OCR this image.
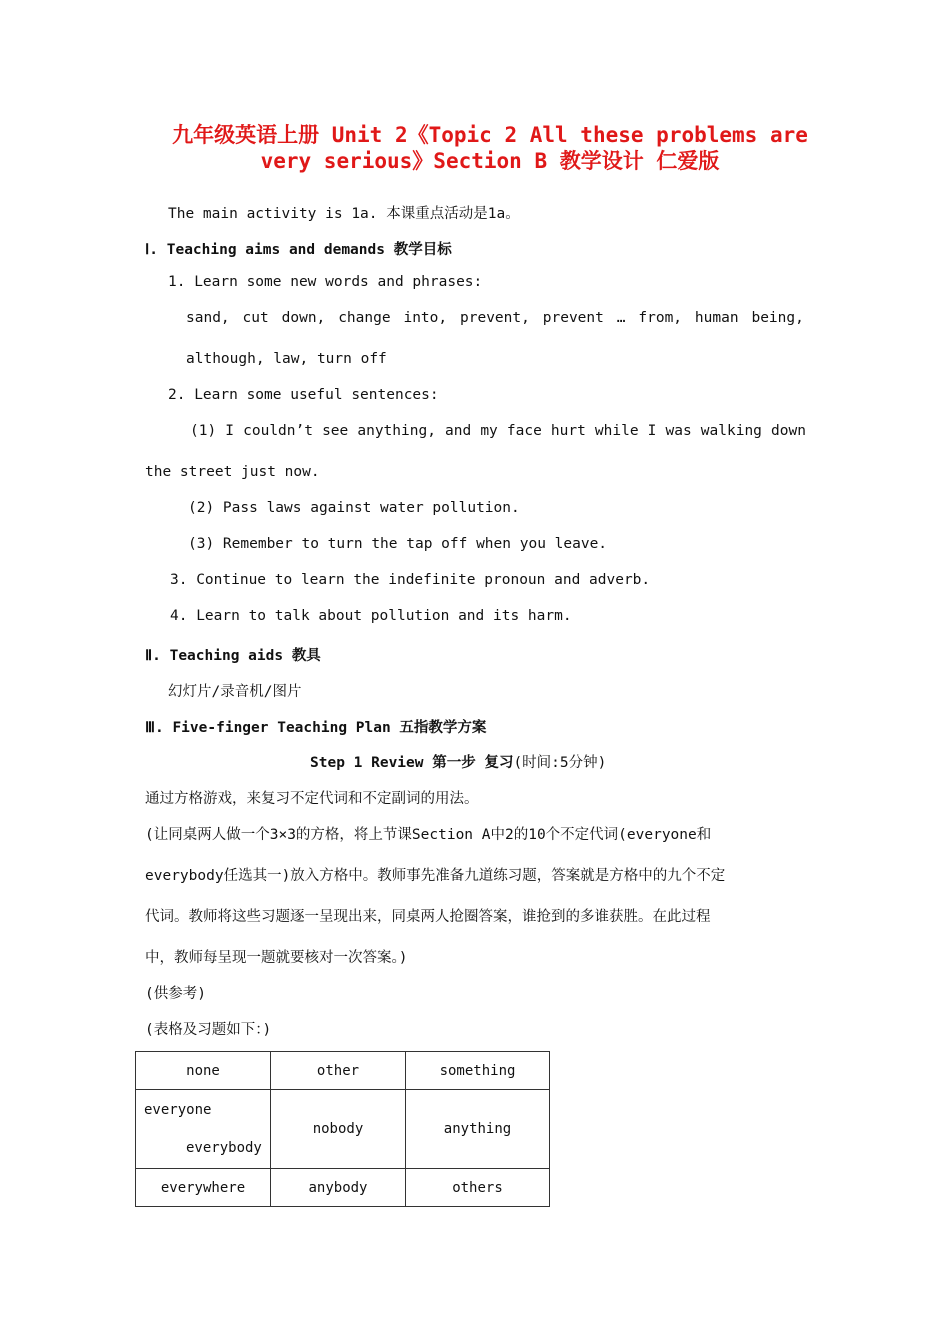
九年级英语上册 Unit 2《Topic 2 All these problems are
very serious》Section B 教学设计 仁爱版
The main activity is 1a. 本课重点活动是1a。
Ⅰ. Teaching aims and demands 教学目标
1. Learn some new words and phrases:
sand, cut down, change into, prevent, prevent … from, human being,
although, law, turn off
2. Learn some useful sentences:
(1) I couldn’t see anything, and my face hurt while I was walking down
the street just now.
(2) Pass laws against water pollution.
(3) Remember to turn the tap off when you leave.
3. Continue to learn the indefinite pronoun and adverb.
4. Learn to talk about pollution and its harm.
Ⅱ. Teaching aids 教具
幻灯片/录音机/图片
Ⅲ. Five-finger Teaching Plan 五指教学方案
Step 1 Review 第一步 复习(时间:5分钟)
通过方格游戏，来复习不定代词和不定副词的用法。
(让同桌两人做一个3×3的方格，将上节课Section A中2的10个不定代词(everyone和
everybody任选其一)放入方格中。教师事先准备九道练习题，答案就是方格中的九个不定
代词。教师将这些习题逐一呈现出来，同桌两人抢圈答案，谁抢到的多谁获胜。在此过程
中，教师每呈现一题就要核对一次答案。)
(供参考)
(表格及习题如下：)
none	other	something

everyone
everybody	nobody	anything
everywhere	anybody	others
